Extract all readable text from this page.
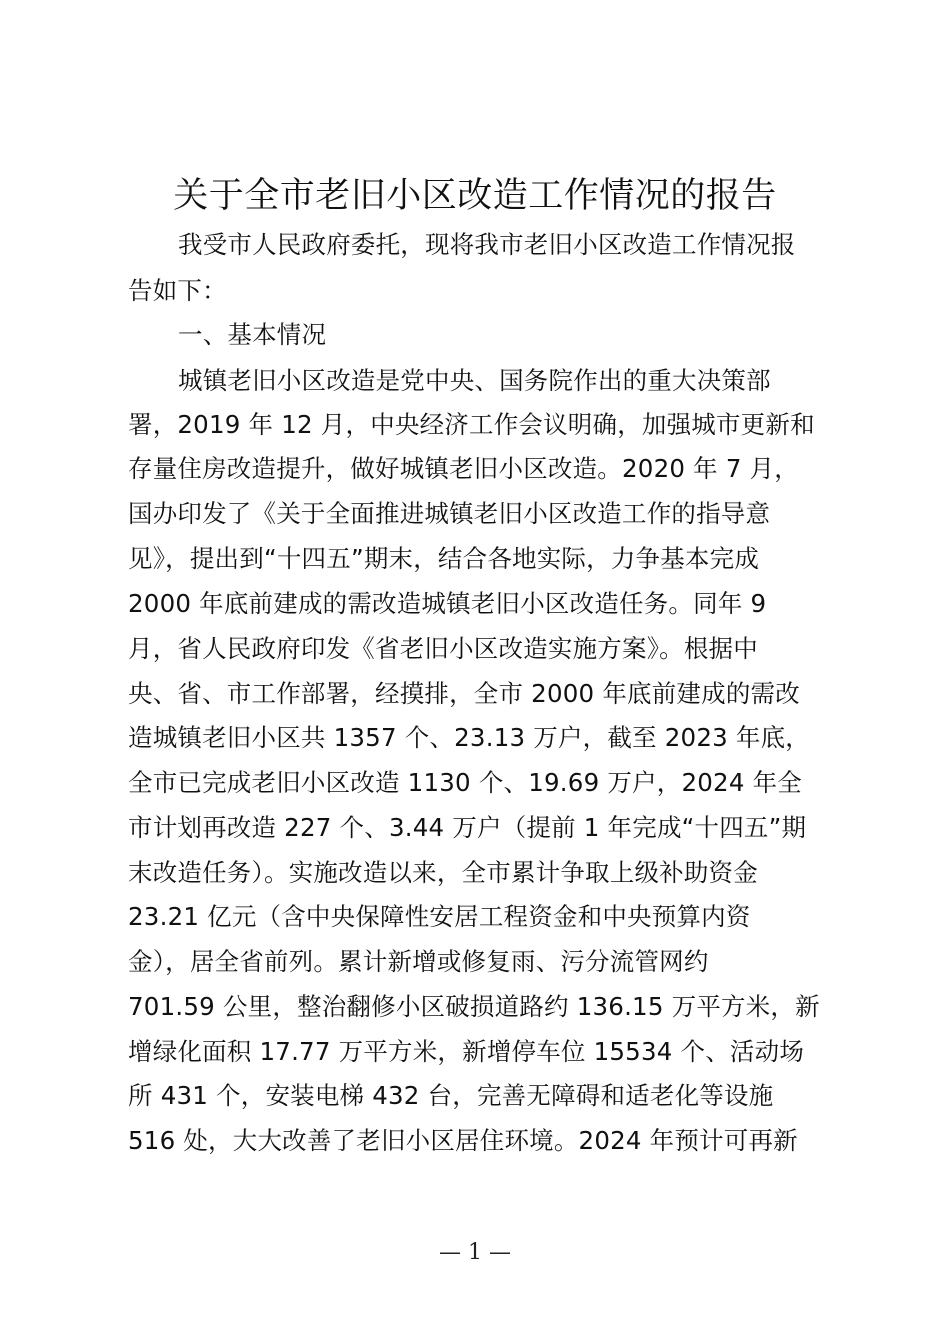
关于全市老旧小区改造工作情况的报告
我受市人民政府委托，现将我市老旧小区改造工作情况报
告如下：
一、基本情况
城镇老旧小区改造是党中央、国务院作出的重大决策部
署，2019 年 12 月，中央经济工作会议明确，加强城市更新和
存量住房改造提升，做好城镇老旧小区改造。2020 年 7 月，
国办印发了《关于全面推进城镇老旧小区改造工作的指导意
见》，提出到“十四五”期末，结合各地实际，力争基本完成
2000 年底前建成的需改造城镇老旧小区改造任务。同年 9
月，省人民政府印发《省老旧小区改造实施方案》。根据中
央、省、市工作部署，经摸排，全市 2000 年底前建成的需改
造城镇老旧小区共 1357 个、23.13 万户，截至 2023 年底，
全市已完成老旧小区改造 1130 个、19.69 万户，2024 年全
市计划再改造 227 个、3.44 万户（提前 1 年完成“十四五”期
末改造任务）。实施改造以来，全市累计争取上级补助资金
23.21 亿元（含中央保障性安居工程资金和中央预算内资
金），居全省前列。累计新增或修复雨、污分流管网约
701.59 公里，整治翻修小区破损道路约 136.15 万平方米，新
增绿化面积 17.77 万平方米，新增停车位 15534 个、活动场
所 431 个，安装电梯 432 台，完善无障碍和适老化等设施
516 处，大大改善了老旧小区居住环境。2024 年预计可再新
— 1 —
